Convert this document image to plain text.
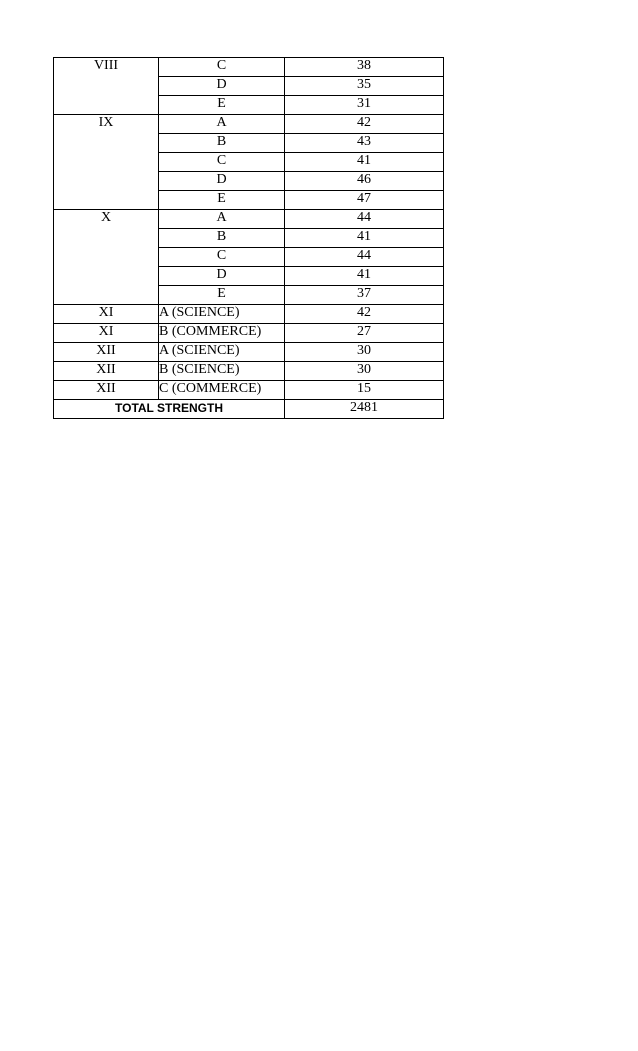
VIII	C	38
	D	35
	E	31
IX	A	42
	B	43
	C	41
	D	46
	E	47
X	A	44
	B	41
	C	44
	D	41
	E	37
XI	A (SCIENCE)	42
XI	B (COMMERCE)	27
XII	A (SCIENCE)	30
XII	B (SCIENCE)	30
XII	C (COMMERCE)	15
TOTAL STRENGTH		2481
